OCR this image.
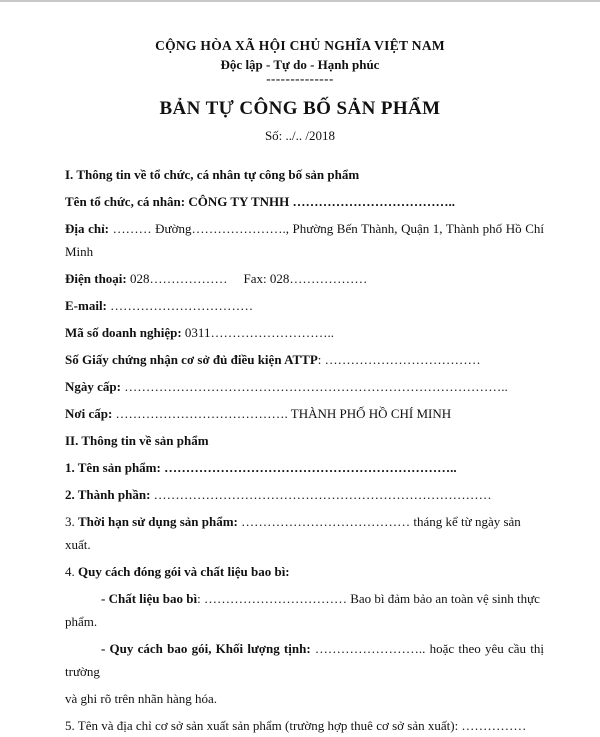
CỘNG HÒA XÃ HỘI CHỦ NGHĨA VIỆT NAM
Độc lập - Tự do - Hạnh phúc
--------------
BẢN TỰ CÔNG BỐ SẢN PHẨM
Số: ../.. /2018

I. Thông tin về tổ chức, cá nhân tự công bố sản phẩm

Tên tổ chức, cá nhân: CÔNG TY TNHH ………………………………..

Địa chỉ: ……… Đường…………………., Phường Bến Thành, Quận 1, Thành phố Hồ Chí Minh

Điện thoại: 028……………… Fax: 028………………

E-mail: ……………………………

Mã số doanh nghiệp: 0311………………………..

Số Giấy chứng nhận cơ sở đủ điều kiện ATTP: ………………………………

Ngày cấp: ……………………………………………………………………………..

Nơi cấp: …………………………………. THÀNH PHỐ HỒ CHÍ MINH

II. Thông tin về sản phẩm

1. Tên sản phẩm: …………………………………………………………..

2. Thành phần: ……………………………………………………………………

3. Thời hạn sử dụng sản phẩm: ………………………………… tháng kể từ ngày sản xuất.

4. Quy cách đóng gói và chất liệu bao bì:

- Chất liệu bao bì: …………………………… Bao bì đảm bảo an toàn vệ sinh thực phẩm.

- Quy cách bao gói, Khối lượng tịnh: …………………….. hoặc theo yêu cầu thị trường

và ghi rõ trên nhãn hàng hóa.

5. Tên và địa chỉ cơ sở sản xuất sản phẩm (trường hợp thuê cơ sở sản xuất): ……………
